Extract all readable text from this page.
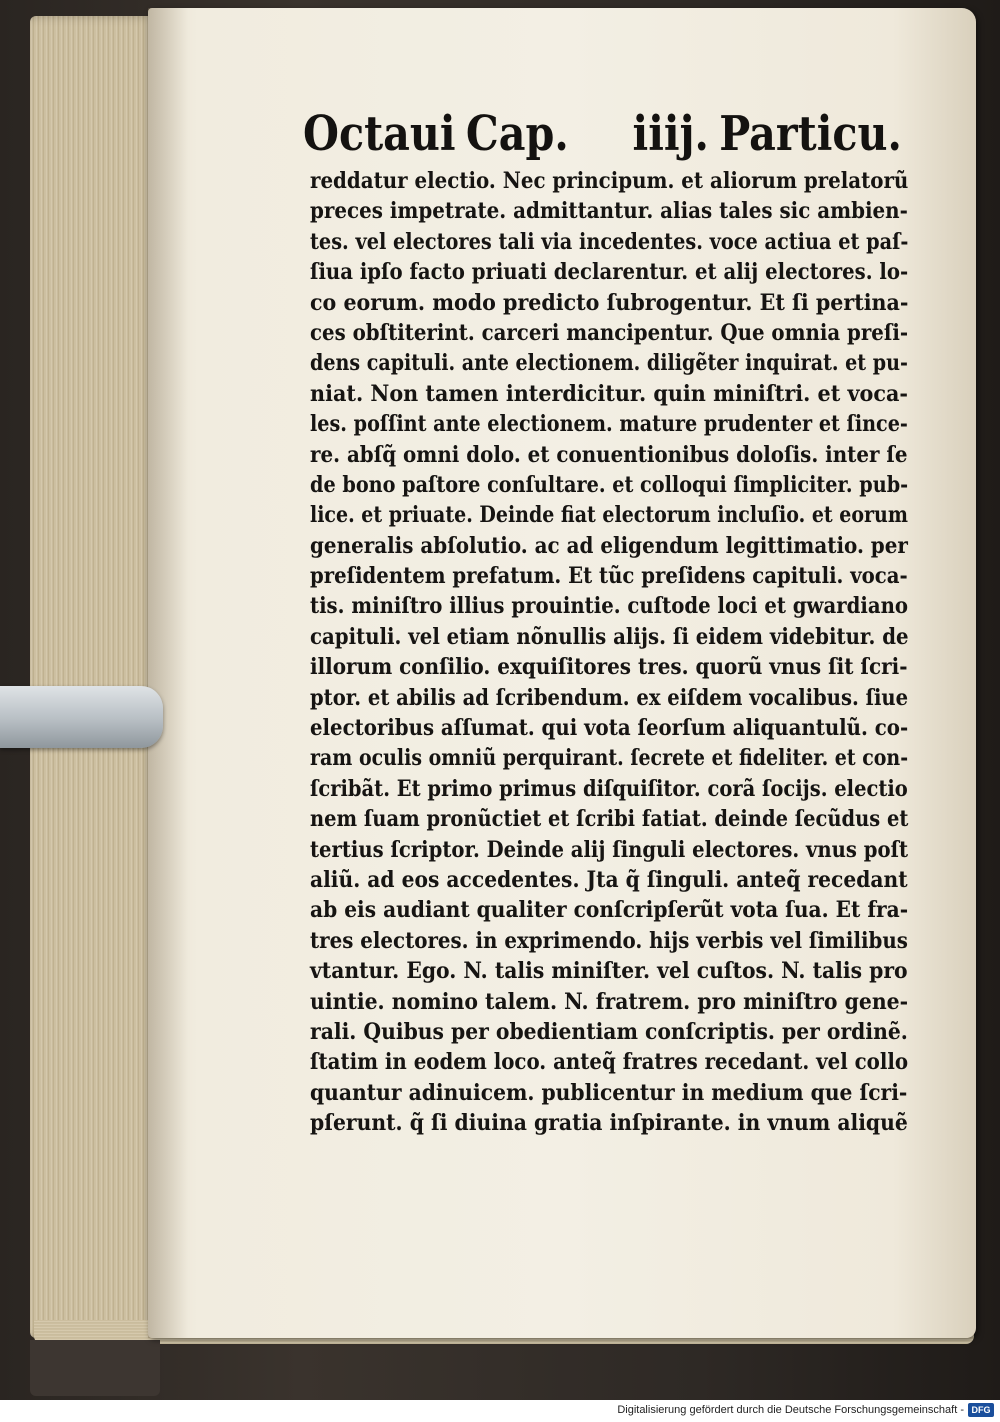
Octaui Cap. iiij. Particu.
reddatur electio. Nec principum. et aliorum prelatorũ
preces impetrate. admittantur. alias tales sic ambien-
tes. vel electores tali via incedentes. voce actiua et paſ-
ſiua ipſo facto priuati declarentur. et alij electores. lo-
co eorum. modo predicto ſubrogentur. Et ſi pertina-
ces obſtiterint. carceri mancipentur. Que omnia preſi-
dens capituli. ante electionem. diligẽter inquirat. et pu-
niat. Non tamen interdicitur. quin miniſtri. et voca-
les. poſſint ante electionem. mature prudenter et ſince-
re. abſq̃ omni dolo. et conuentionibus doloſis. inter ſe
de bono paſtore conſultare. et colloqui ſimpliciter. pub-
lice. et priuate. Deinde fiat electorum incluſio. et eorum
generalis abſolutio. ac ad eligendum legittimatio. per
preſidentem prefatum. Et tũc preſidens capituli. voca-
tis. miniſtro illius prouintie. cuſtode loci et gwardiano
capituli. vel etiam nõnullis alijs. ſi eidem videbitur. de
illorum conſilio. exquiſitores tres. quorũ vnus ſit ſcri-
ptor. et abilis ad ſcribendum. ex eiſdem vocalibus. ſiue
electoribus aſſumat. qui vota ſeorſum aliquantulũ. co-
ram oculis omniũ perquirant. ſecrete et fideliter. et con-
ſcribãt. Et primo primus diſquiſitor. corã ſocijs. electio
nem ſuam pronũctiet et ſcribi fatiat. deinde ſecũdus et
tertius ſcriptor. Deinde alij ſinguli electores. vnus poſt
aliũ. ad eos accedentes. Jta q̃ ſinguli. anteq̃ recedant
ab eis audiant qualiter conſcripſerũt vota ſua. Et fra-
tres electores. in exprimendo. hijs verbis vel ſimilibus
vtantur. Ego. N. talis miniſter. vel cuſtos. N. talis pro
uintie. nomino talem. N. fratrem. pro miniſtro gene-
rali. Quibus per obedientiam conſcriptis. per ordinẽ.
ſtatim in eodem loco. anteq̃ fratres recedant. vel collo
quantur adinuicem. publicentur in medium que ſcri-
pſerunt. q̃ ſi diuina gratia inſpirante. in vnum aliquẽ
Digitalisierung gefördert durch die Deutsche Forschungsgemeinschaft - DFG
